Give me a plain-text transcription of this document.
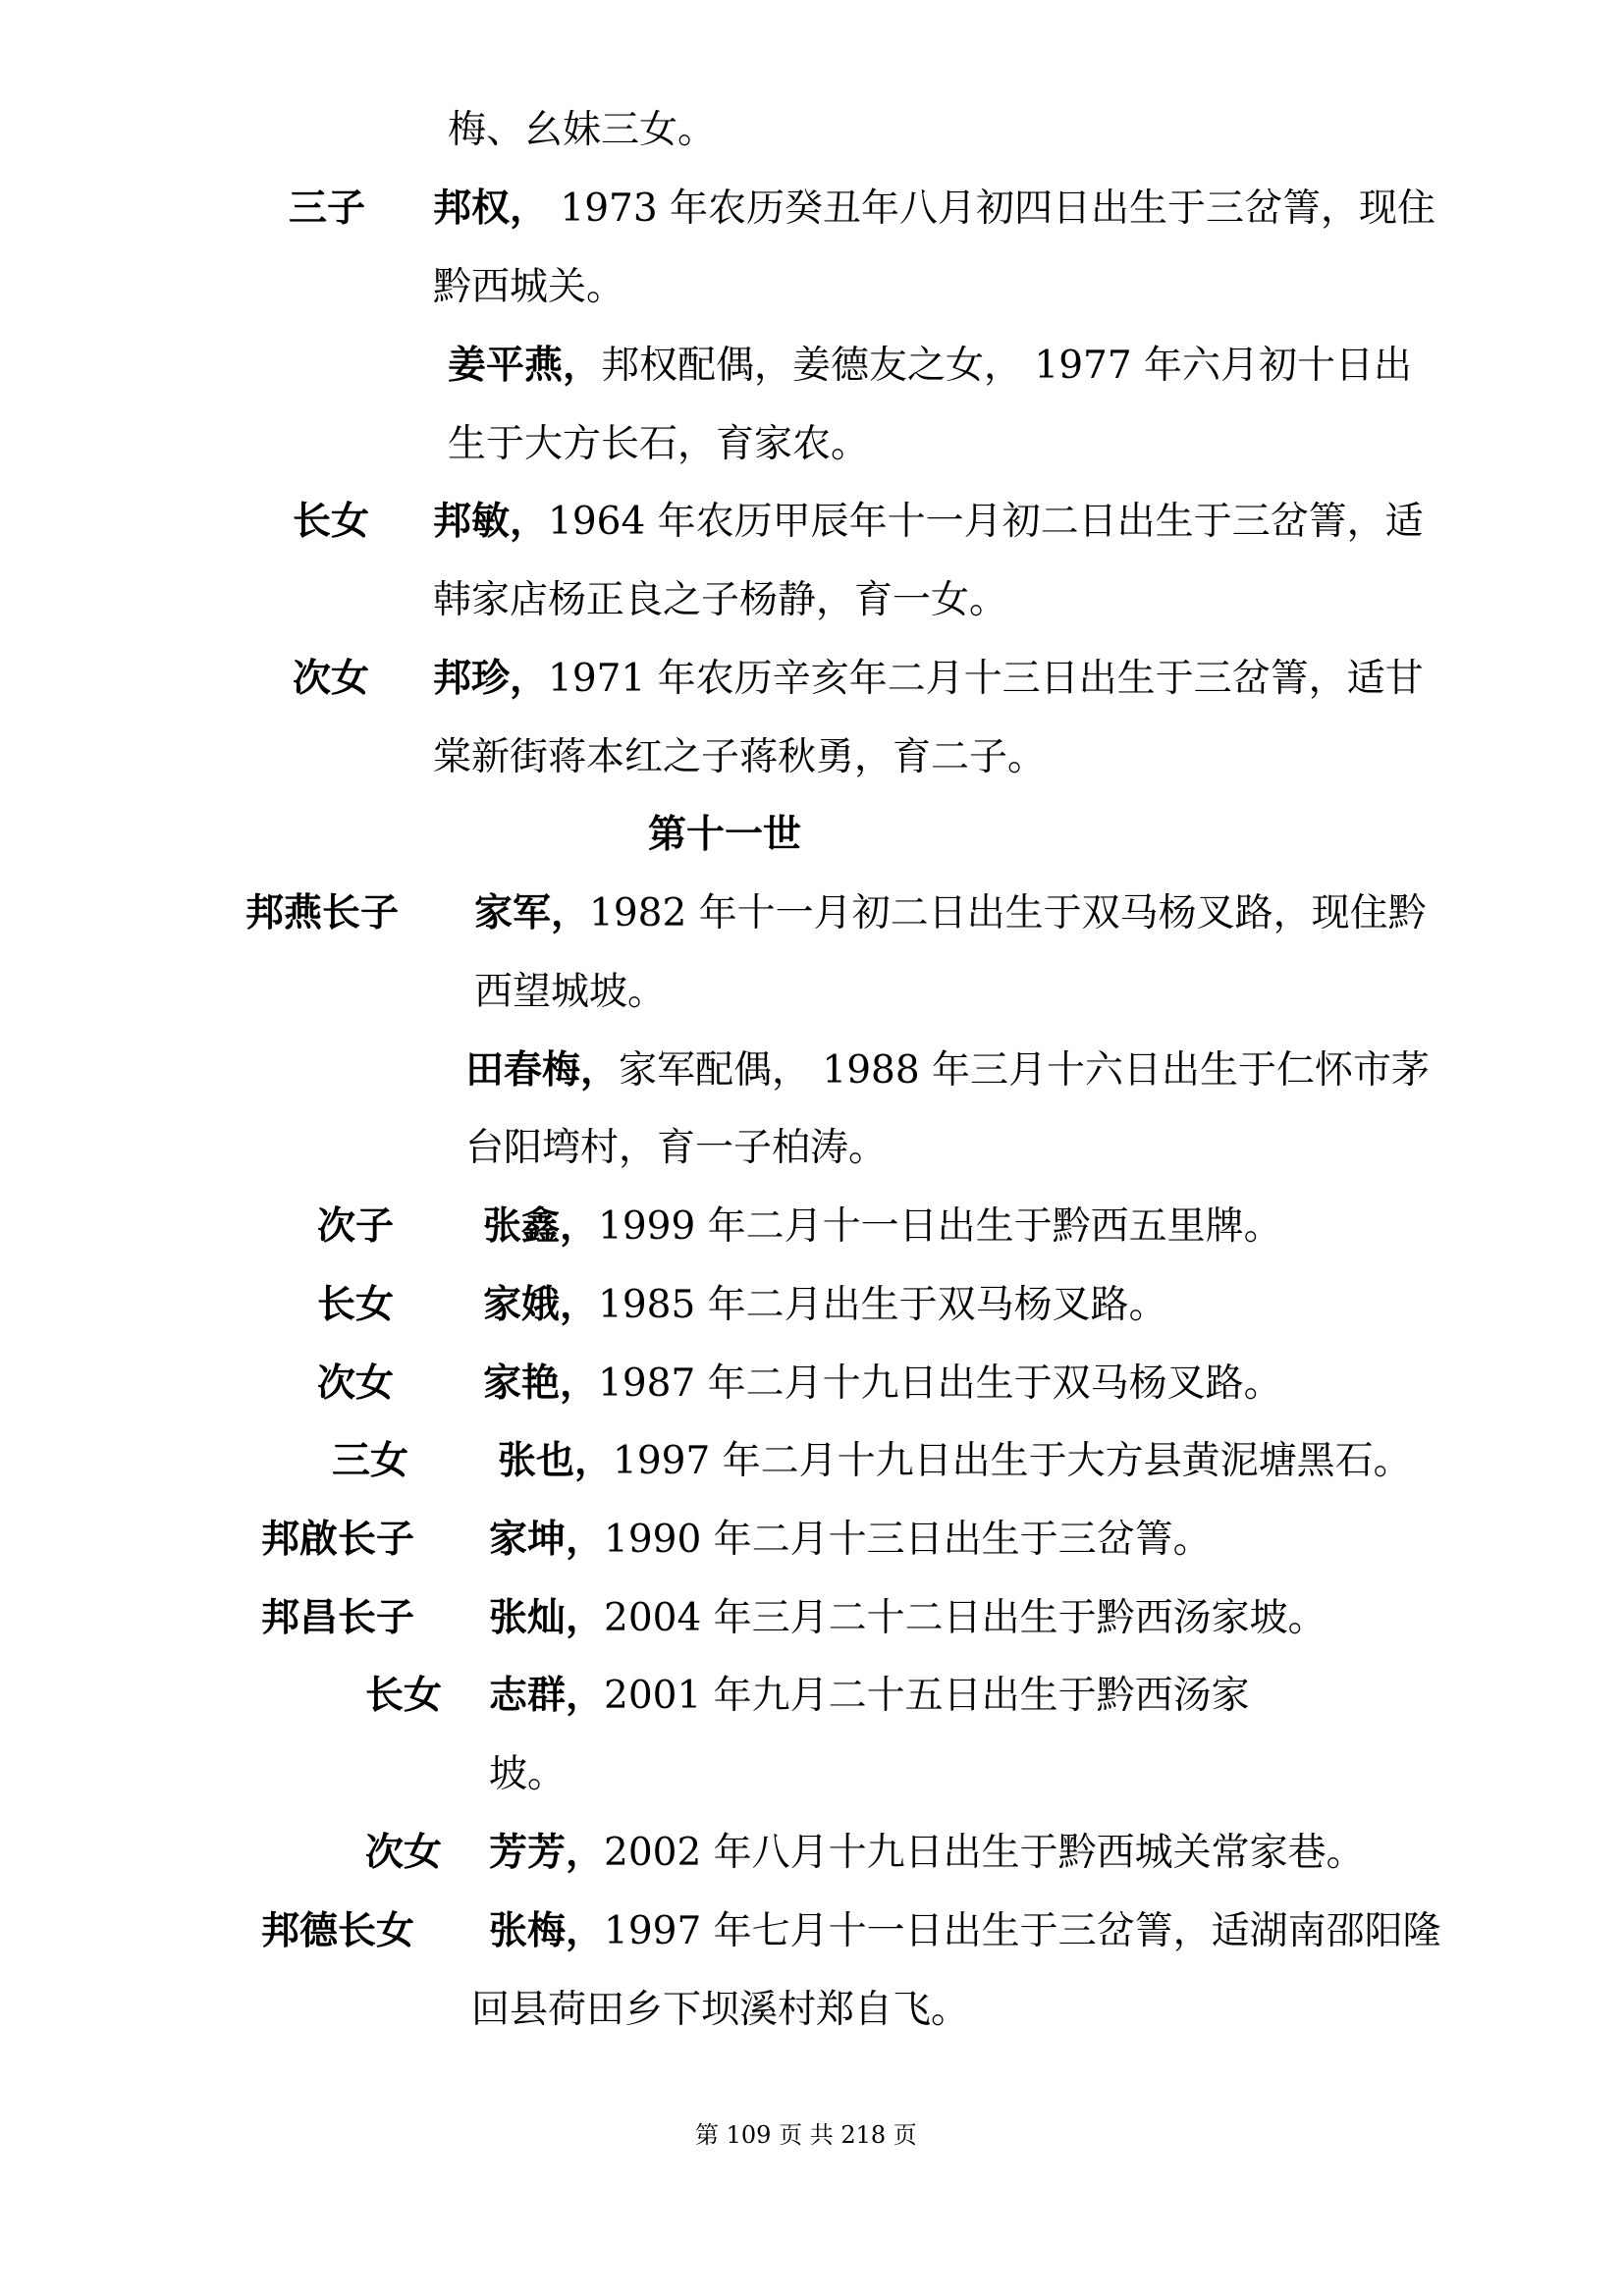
梅、幺妹三女。
三子 邦权， 1973 年农历癸丑年八月初四日出生于三岔箐，现住
黔西城关。
姜平燕，邦权配偶，姜德友之女， 1977 年六月初十日出
生于大方长石，育家农。
长女 邦敏，1964 年农历甲辰年十一月初二日出生于三岔箐，适
韩家店杨正良之子杨静，育一女。
次女 邦珍，1971 年农历辛亥年二月十三日出生于三岔箐，适甘
棠新街蒋本红之子蒋秋勇，育二子。
第十一世
邦燕长子 家军，1982 年十一月初二日出生于双马杨叉路，现住黔
西望城坡。
田春梅，家军配偶， 1988 年三月十六日出生于仁怀市茅
台阳塆村，育一子柏涛。
次子 张鑫，1999 年二月十一日出生于黔西五里牌。
长女 家娥，1985 年二月出生于双马杨叉路。
次女 家艳，1987 年二月十九日出生于双马杨叉路。
三女 张也，1997 年二月十九日出生于大方县黄泥塘黑石。
邦啟长子 家坤，1990 年二月十三日出生于三岔箐。
邦昌长子 张灿，2004 年三月二十二日出生于黔西汤家坡。
长女 志群，2001 年九月二十五日出生于黔西汤家
坡。
次女 芳芳，2002 年八月十九日出生于黔西城关常家巷。
邦德长女 张梅，1997 年七月十一日出生于三岔箐，适湖南邵阳隆
回县荷田乡下坝溪村郑自飞。
第 109 页 共 218 页
